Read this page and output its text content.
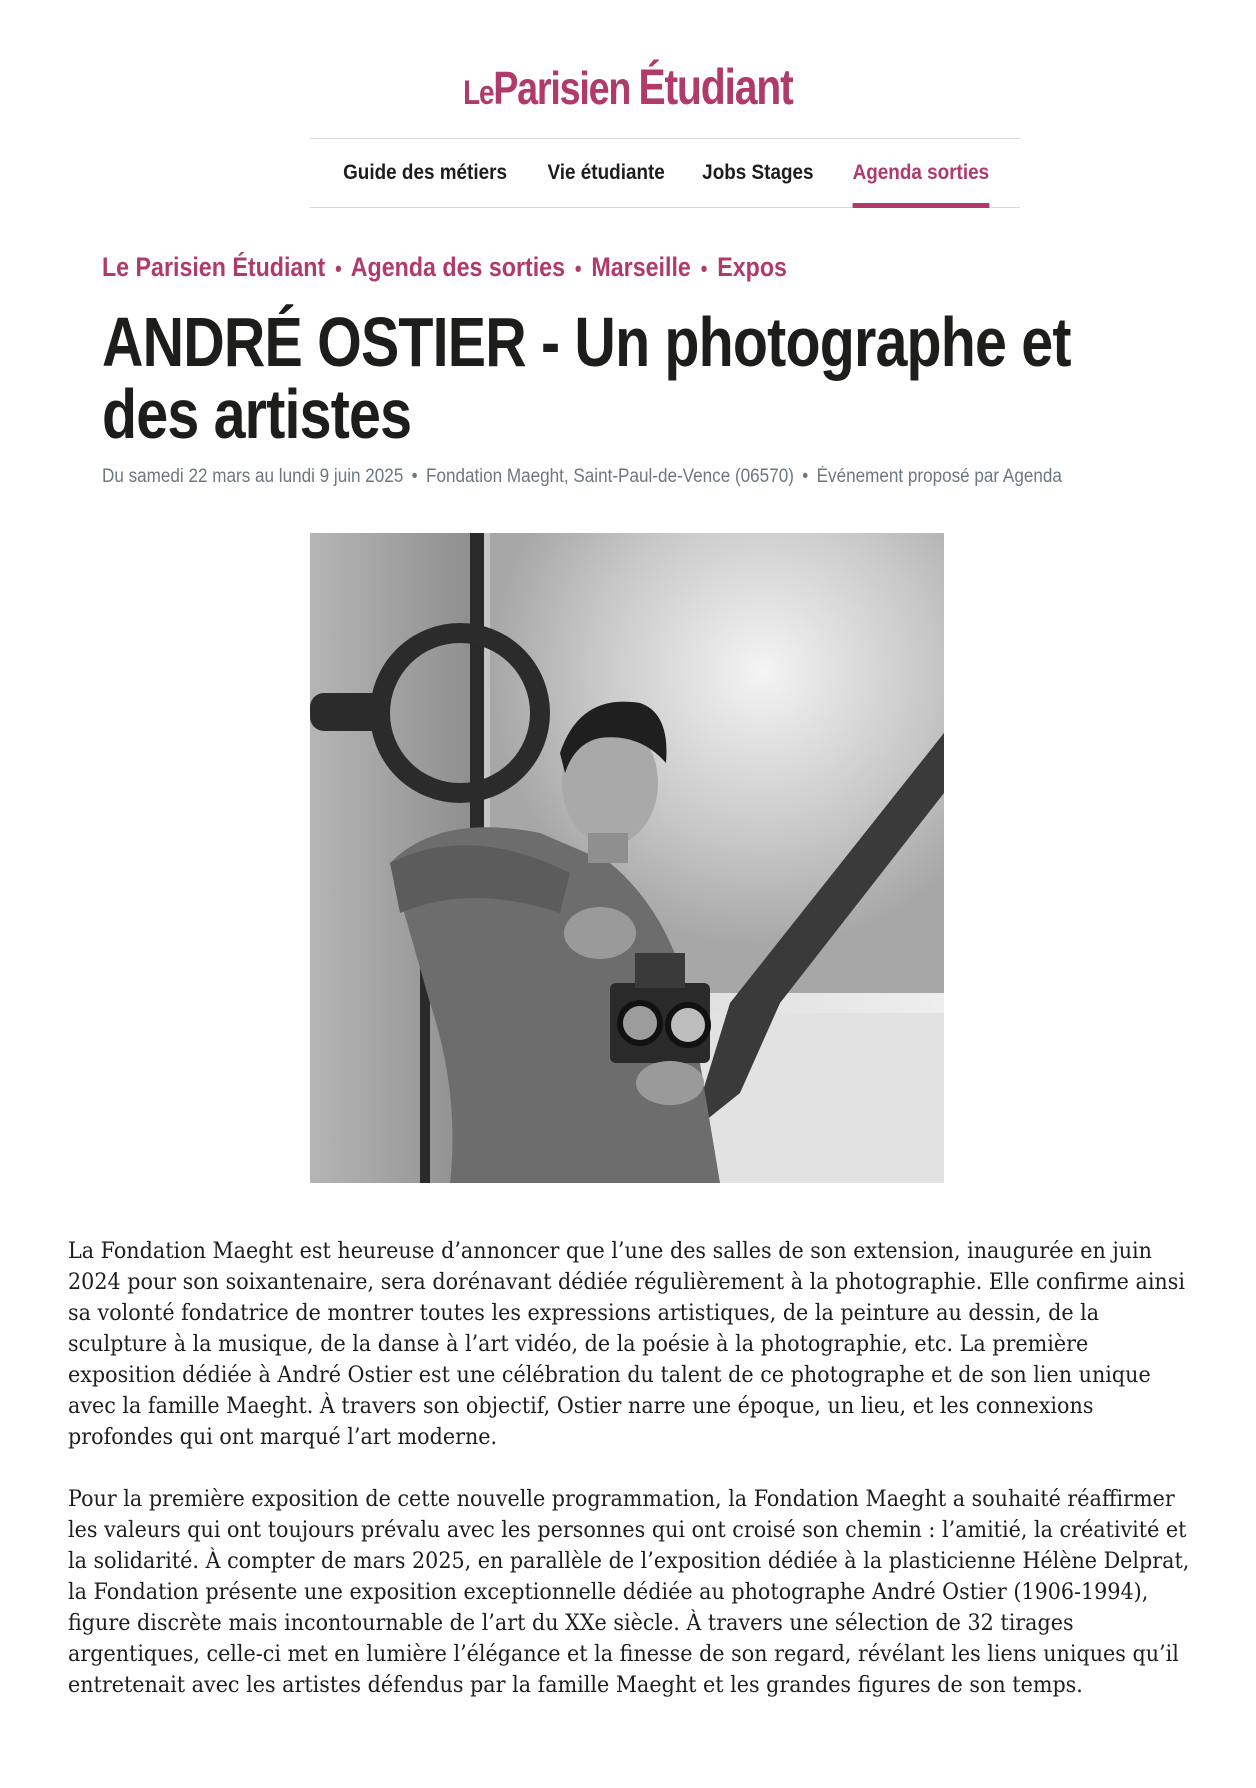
LeParisien Étudiant
Guide des métiers Vie étudiante Jobs Stages Agenda sorties
Le Parisien Étudiant • Agenda des sorties • Marseille • Expos
ANDRÉ OSTIER - Un photographe et des artistes
Du samedi 22 mars au lundi 9 juin 2025 • Fondation Maeght, Saint-Paul-de-Vence (06570) • Événement proposé par Agenda

La Fondation Maeght est heureuse d’annoncer que l’une des salles de son extension, inaugurée en juin 2024 pour son soixantenaire, sera dorénavant dédiée régulièrement à la photographie. Elle confirme ainsi sa volonté fondatrice de montrer toutes les expressions artistiques, de la peinture au dessin, de la sculpture à la musique, de la danse à l’art vidéo, de la poésie à la photographie, etc. La première exposition dédiée à André Ostier est une célébration du talent de ce photographe et de son lien unique avec la famille Maeght. À travers son objectif, Ostier narre une époque, un lieu, et les connexions profondes qui ont marqué l’art moderne.

Pour la première exposition de cette nouvelle programmation, la Fondation Maeght a souhaité réaffirmer les valeurs qui ont toujours prévalu avec les personnes qui ont croisé son chemin : l’amitié, la créativité et la solidarité. À compter de mars 2025, en parallèle de l’exposition dédiée à la plasticienne Hélène Delprat, la Fondation présente une exposition exceptionnelle dédiée au photographe André Ostier (1906-1994), figure discrète mais incontournable de l’art du XXe siècle. À travers une sélection de 32 tirages argentiques, celle-ci met en lumière l’élégance et la finesse de son regard, révélant les liens uniques qu’il entretenait avec les artistes défendus par la famille Maeght et les grandes figures de son temps.
